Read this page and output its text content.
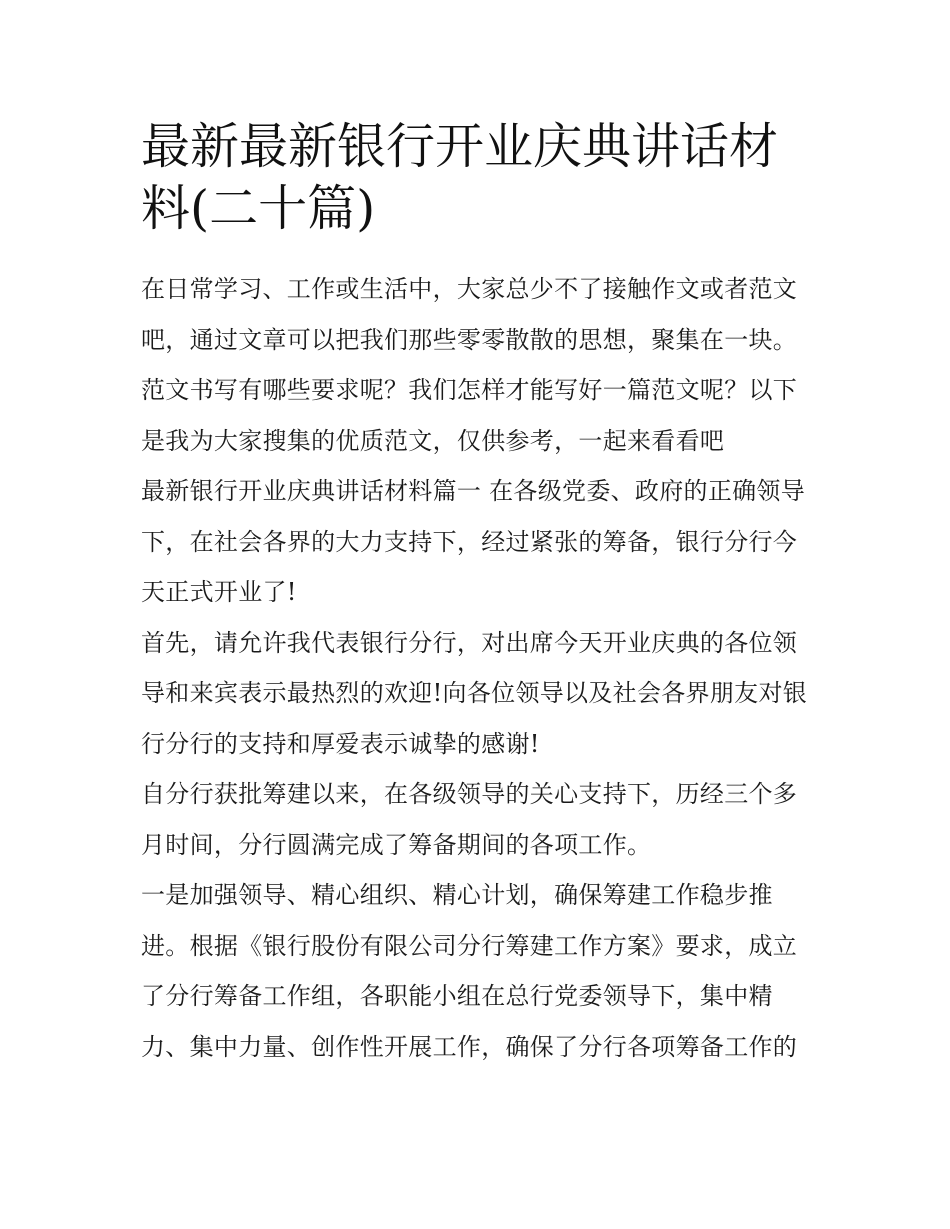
最新最新银行开业庆典讲话材料(二十篇)

在日常学习、工作或生活中，大家总少不了接触作文或者范文吧，通过文章可以把我们那些零零散散的思想，聚集在一块。范文书写有哪些要求呢？我们怎样才能写好一篇范文呢？以下是我为大家搜集的优质范文，仅供参考，一起来看看吧

最新银行开业庆典讲话材料篇一 在各级党委、政府的正确领导下，在社会各界的大力支持下，经过紧张的筹备，银行分行今天正式开业了!

首先，请允许我代表银行分行，对出席今天开业庆典的各位领导和来宾表示最热烈的欢迎!向各位领导以及社会各界朋友对银行分行的支持和厚爱表示诚挚的感谢!

自分行获批筹建以来，在各级领导的关心支持下，历经三个多月时间，分行圆满完成了筹备期间的各项工作。

一是加强领导、精心组织、精心计划，确保筹建工作稳步推进。根据《银行股份有限公司分行筹建工作方案》要求，成立了分行筹备工作组，各职能小组在总行党委领导下，集中精力、集中力量、创作性开展工作，确保了分行各项筹备工作的
